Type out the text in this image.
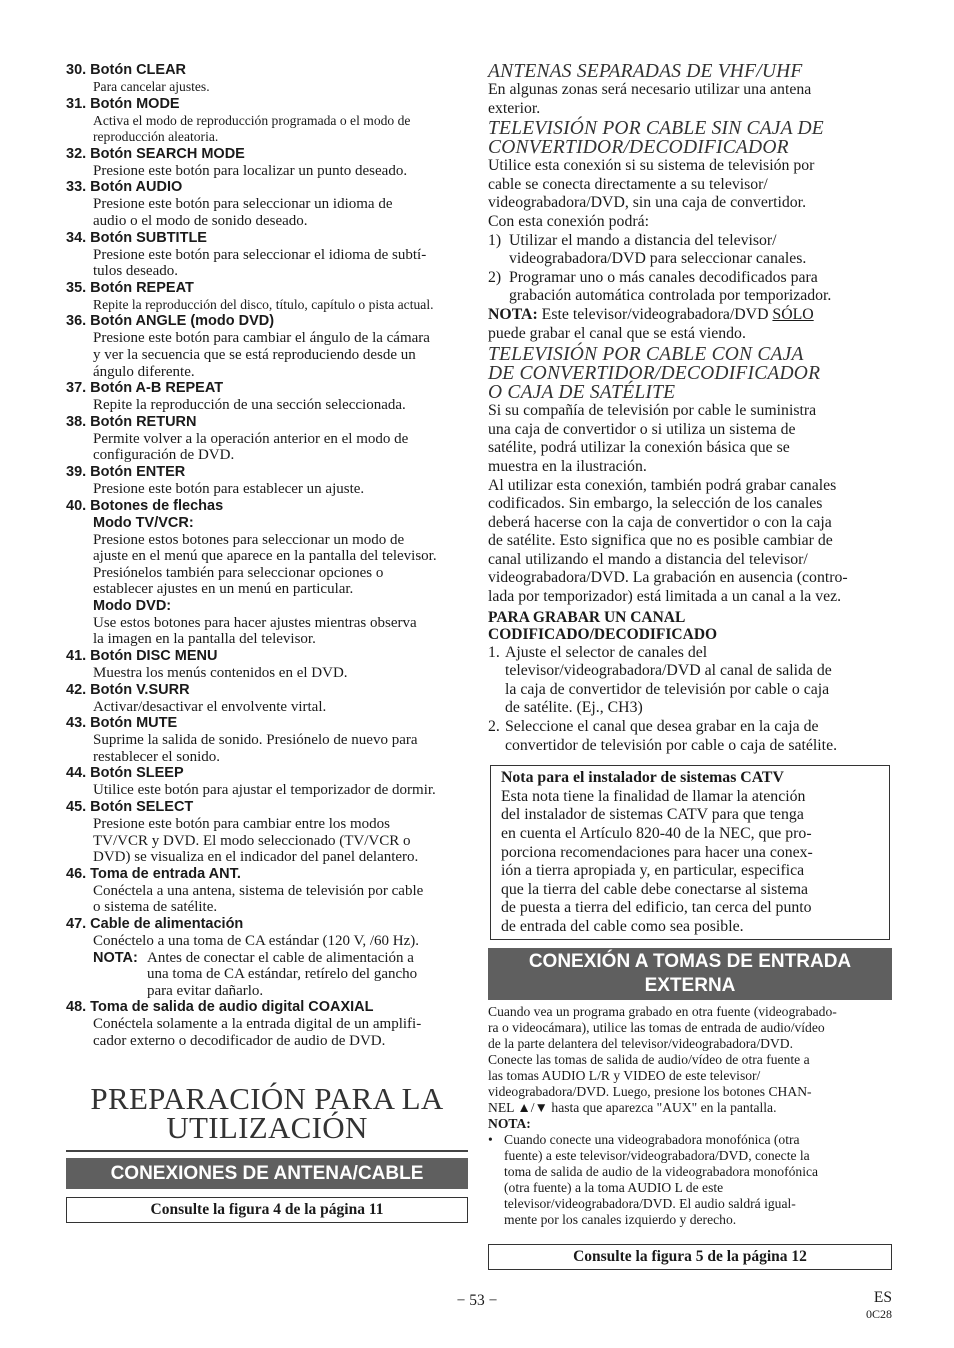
30. Botón CLEAR
Para cancelar ajustes.
31. Botón MODE
Activa el modo de reproducción programada o el modo de
reproducción aleatoria.
32. Botón SEARCH MODE
Presione este botón para localizar un punto deseado.
33. Botón AUDIO
Presione este botón para seleccionar un idioma de
audio o el modo de sonido deseado.
34. Botón SUBTITLE
Presione este botón para seleccionar el idioma de subtí-
tulos deseado.
35. Botón REPEAT
Repite la reproducción del disco, título, capítulo o pista actual.
36. Botón ANGLE (modo DVD)
Presione este botón para cambiar el ángulo de la cámara
y ver la secuencia que se está reproduciendo desde un
ángulo diferente.
37. Botón A-B REPEAT
Repite la reproducción de una sección seleccionada.
38. Botón RETURN
Permite volver a la operación anterior en el modo de
configuración de DVD.
39. Botón ENTER
Presione este botón para establecer un ajuste.
40. Botones de flechas
Modo TV/VCR:
Presione estos botones para seleccionar un modo de
ajuste en el menú que aparece en la pantalla del televisor.
Presiónelos también para seleccionar opciones o
establecer ajustes en un menú en particular.
Modo DVD:
Use estos botones para hacer ajustes mientras observa
la imagen en la pantalla del televisor.
41. Botón DISC MENU
Muestra los menús contenidos en el DVD.
42. Botón V.SURR
Activar/desactivar el envolvente virtal.
43. Botón MUTE
Suprime la salida de sonido. Presiónelo de nuevo para
restablecer el sonido.
44. Botón SLEEP
Utilice este botón para ajustar el temporizador de dormir.
45. Botón SELECT
Presione este botón para cambiar entre los modos
TV/VCR y DVD. El modo seleccionado (TV/VCR o
DVD) se visualiza en el indicador del panel delantero.
46. Toma de entrada ANT.
Conéctela a una antena, sistema de televisión por cable
o sistema de satélite.
47. Cable de alimentación
Conéctelo a una toma de CA estándar (120 V, /60 Hz).
NOTA: Antes de conectar el cable de alimentación a
una toma de CA estándar, retírelo del gancho
para evitar dañarlo.
48. Toma de salida de audio digital COAXIAL
Conéctela solamente a la entrada digital de un amplifi-
cador externo o decodificador de audio de DVD.
PREPARACIÓN PARA LA
UTILIZACIÓN
CONEXIONES DE ANTENA/CABLE
Consulte la figura 4 de la página 11
ANTENAS SEPARADAS DE VHF/UHF
En algunas zonas será necesario utilizar una antena
exterior.
TELEVISIÓN POR CABLE SIN CAJA DE
CONVERTIDOR/DECODIFICADOR
Utilice esta conexión si su sistema de televisión por
cable se conecta directamente a su televisor/
videograbadora/DVD, sin una caja de convertidor.
Con esta conexión podrá:
1) Utilizar el mando a distancia del televisor/
videograbadora/DVD para seleccionar canales.
2) Programar uno o más canales decodificados para
grabación automática controlada por temporizador.
NOTA: Este televisor/videograbadora/DVD SÓLO
puede grabar el canal que se está viendo.
TELEVISIÓN POR CABLE CON CAJA
DE CONVERTIDOR/DECODIFICADOR
O CAJA DE SATÉLITE
Si su compañía de televisión por cable le suministra
una caja de convertidor o si utiliza un sistema de
satélite, podrá utilizar la conexión básica que se
muestra en la ilustración.
Al utilizar esta conexión, también podrá grabar canales
codificados. Sin embargo, la selección de los canales
deberá hacerse con la caja de convertidor o con la caja
de satélite. Esto significa que no es posible cambiar de
canal utilizando el mando a distancia del televisor/
videograbadora/DVD. La grabación en ausencia (contro-
lada por temporizador) está limitada a un canal a la vez.
PARA GRABAR UN CANAL
CODIFICADO/DECODIFICADO
1. Ajuste el selector de canales del
televisor/videograbadora/DVD al canal de salida de
la caja de convertidor de televisión por cable o caja
de satélite. (Ej., CH3)
2. Seleccione el canal que desea grabar en la caja de
convertidor de televisión por cable o caja de satélite.
Nota para el instalador de sistemas CATV
Esta nota tiene la finalidad de llamar la atención
del instalador de sistemas CATV para que tenga
en cuenta el Artículo 820-40 de la NEC, que pro-
porciona recomendaciones para hacer una conex-
ión a tierra apropiada y, en particular, especifica
que la tierra del cable debe conectarse al sistema
de puesta a tierra del edificio, tan cerca del punto
de entrada del cable como sea posible.
CONEXIÓN A TOMAS DE ENTRADA
EXTERNA
Cuando vea un programa grabado en otra fuente (videograbado-
ra o videocámara), utilice las tomas de entrada de audio/vídeo
de la parte delantera del televisor/videograbadora/DVD.
Conecte las tomas de salida de audio/vídeo de otra fuente a
las tomas AUDIO L/R y VIDEO de este televisor/
videograbadora/DVD. Luego, presione los botones CHAN-
NEL ▲/▼ hasta que aparezca "AUX" en la pantalla.
NOTA:
• Cuando conecte una videograbadora monofónica (otra
fuente) a este televisor/videograbadora/DVD, conecte la
toma de salida de audio de la videograbadora monofónica
(otra fuente) a la toma AUDIO L de este
televisor/videograbadora/DVD. El audio saldrá igual-
mente por los canales izquierdo y derecho.
Consulte la figura 5 de la página 12
− 53 −	ES
0C28
